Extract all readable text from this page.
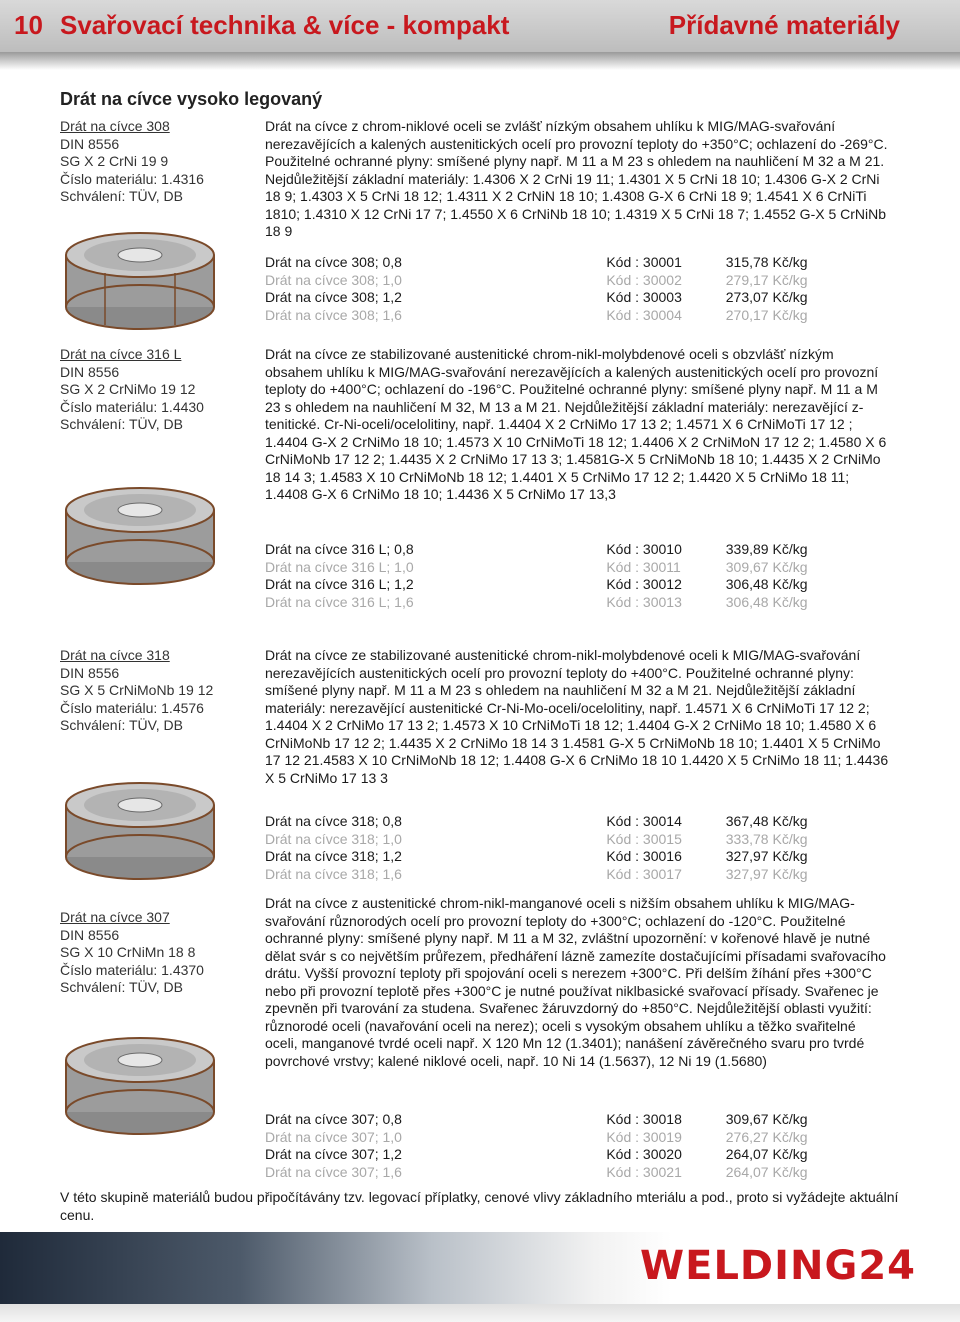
10 Svařovací technika & více - kompakt	Přídavné materiály
Drát na cívce vysoko legovaný
Drát na cívce 308
DIN 8556
SG X 2 CrNi 19 9
Číslo materiálu: 1.4316
Schválení: TÜV, DB
Drát na cívce z chrom-niklové oceli se zvlášť nízkým obsahem uhlíku k MIG/MAG-svařování nerezavějících a kalených austenitických ocelí pro provozní teploty do +350°C; ochlazení do -269°C. Použitelné ochranné plyny: smíšené plyny např. M 11 a M 23 s ohledem na nauhličení M 32 a M 21. Nejdůležitější základní materiály: 1.4306 X 2 CrNi 19 11; 1.4301 X 5 CrNi 18 10; 1.4306 G-X 2 CrNi 18 9; 1.4303 X 5 CrNi 18 12; 1.4311 X 2 CrNiN 18 10; 1.4308 G-X 6 CrNi 18 9; 1.4541 X 6 CrNiTi 1810; 1.4310 X 12 CrNi 17 7; 1.4550 X 6 CrNiNb 18 10; 1.4319 X 5 CrNi 18 7; 1.4552 G-X 5 CrNiNb 18 9
Drát na cívce 308; 0,8	Kód : 30001	315,78 Kč/kg
Drát na cívce 308; 1,0	Kód : 30002	279,17 Kč/kg
Drát na cívce 308; 1,2	Kód : 30003	273,07 Kč/kg
Drát na cívce 308; 1,6	Kód : 30004	270,17 Kč/kg
Drát na cívce 316 L
DIN 8556
SG X 2 CrNiMo 19 12
Číslo materiálu: 1.4430
Schválení: TÜV, DB
Drát na cívce ze stabilizované austenitické chrom-nikl-molybdenové oceli s obzvlášť nízkým obsahem uhlíku k MIG/MAG-svařování nerezavějících a kalených austenitických ocelí pro provozní teploty do +400°C; ochlazení do -196°C. Použitelné ochranné plyny: smíšené plyny např. M 11 a M 23 s ohledem na nauhličení M 32, M 13 a M 21. Nejdůležitější základní materiály: nerezavějící z-tenitické. Cr-Ni-oceli/ocelolitiny, např. 1.4404 X 2 CrNiMo 17 13 2; 1.4571 X 6 CrNiMoTi 17 12 ; 1.4404 G-X 2 CrNiMo 18 10; 1.4573 X 10 CrNiMoTi 18 12; 1.4406 X 2 CrNiMoN 17 12 2; 1.4580 X 6 CrNiMoNb 17 12 2; 1.4435 X 2 CrNiMo 17 13 3; 1.4581G-X 5 CrNiMoNb 18 10; 1.4435 X 2 CrNiMo 18 14 3; 1.4583 X 10 CrNiMoNb 18 12; 1.4401 X 5 CrNiMo 17 12 2; 1.4420 X 5 CrNiMo 18 11; 1.4408 G-X 6 CrNiMo 18 10; 1.4436 X 5 CrNiMo 17 13,3
Drát na cívce 316 L; 0,8	Kód : 30010	339,89 Kč/kg
Drát na cívce 316 L; 1,0	Kód : 30011	309,67 Kč/kg
Drát na cívce 316 L; 1,2	Kód : 30012	306,48 Kč/kg
Drát na cívce 316 L; 1,6	Kód : 30013	306,48 Kč/kg
Drát na cívce 318
DIN 8556
SG X 5 CrNiMoNb 19 12
Číslo materiálu: 1.4576
Schválení: TÜV, DB
Drát na cívce ze stabilizované austenitické chrom-nikl-molybdenové oceli k MIG/MAG-svařování nerezavějících austenitických ocelí pro provozní teploty do +400°C. Použitelné ochranné plyny: smíšené plyny např. M 11 a M 23 s ohledem na nauhličení M 32 a M 21. Nejdůležitější základní materiály: nerezavějící austenitické Cr-Ni-Mo-oceli/ocelolitiny, např. 1.4571 X 6 CrNiMoTi 17 12 2; 1.4404 X 2 CrNiMo 17 13 2; 1.4573 X 10 CrNiMoTi 18 12; 1.4404 G-X 2 CrNiMo 18 10; 1.4580 X 6 CrNiMoNb 17 12 2; 1.4435 X 2 CrNiMo 18 14 3 1.4581 G-X 5 CrNiMoNb 18 10; 1.4401 X 5 CrNiMo 17 12 21.4583 X 10 CrNiMoNb 18 12; 1.4408 G-X 6 CrNiMo 18 10 1.4420 X 5 CrNiMo 18 11; 1.4436 X 5 CrNiMo 17 13 3
Drát na cívce 318; 0,8	Kód : 30014	367,48 Kč/kg
Drát na cívce 318; 1,0	Kód : 30015	333,78 Kč/kg
Drát na cívce 318; 1,2	Kód : 30016	327,97 Kč/kg
Drát na cívce 318; 1,6	Kód : 30017	327,97 Kč/kg
Drát na cívce 307
DIN 8556
SG X 10 CrNiMn 18 8
Číslo materiálu: 1.4370
Schválení: TÜV, DB
Drát na cívce z austenitické chrom-nikl-manganové oceli s nižším obsahem uhlíku k MIG/MAG-svařování různorodých ocelí pro provozní teploty do +300°C; ochlazení do -120°C. Použitelné ochranné plyny: smíšené plyny např. M 11 a M 32, zvláštní upozornění: v kořenové hlavě je nutné dělat svár s co největším průřezem, předháření lázně zamezíte dostačujícími přísadami svařovacího drátu. Vyšší provozní teploty při spojování oceli s nerezem +300°C. Při delším žíhání přes +300°C nebo při provozní teplotě přes +300°C je nutné používat niklbasické svařovací přísady. Svařenec je zpevněn při tvarování za studena. Svařenec žáruvzdorný do +850°C. Nejdůležitější oblasti využití: různorodé oceli (navařování oceli na nerez); oceli s vysokým obsahem uhlíku a těžko svařitelné oceli, manganové tvrdé oceli např. X 120 Mn 12 (1.3401); nanášení závěrečného svaru pro tvrdé povrchové vrstvy; kalené niklové oceli, např. 10 Ni 14 (1.5637), 12 Ni 19 (1.5680)
Drát na cívce 307; 0,8	Kód : 30018	309,67 Kč/kg
Drát na cívce 307; 1,0	Kód : 30019	276,27 Kč/kg
Drát na cívce 307; 1,2	Kód : 30020	264,07 Kč/kg
Drát na cívce 307; 1,6	Kód : 30021	264,07 Kč/kg
V této skupině materiálů budou připočítávány tzv. legovací příplatky, cenové vlivy základního mteriálu a pod., proto si vyžádejte aktuální cenu.
WELDING24
